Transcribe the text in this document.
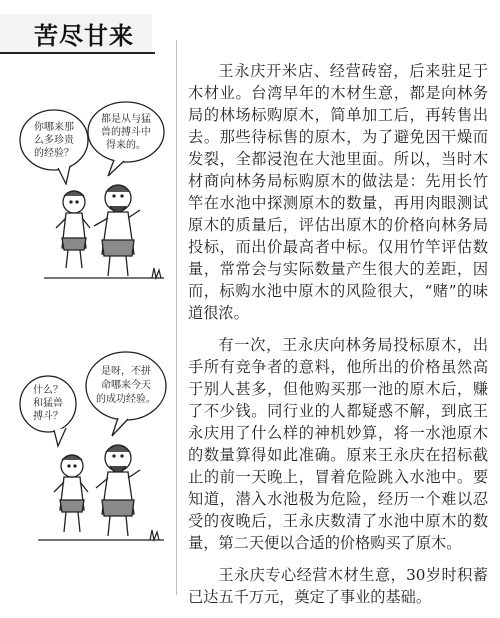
苦尽甘来
你哪来那
么多珍贵
的经验？
都是从与猛
兽的搏斗中
得来的。
什么？
和猛兽
搏斗？
是呀，不拼
命哪来今天
的成功经验。

王永庆开米店、经营砖窑，后来驻足于木材业。台湾早年的木材生意，都是向林务局的林场标购原木，简单加工后，再转售出去。那些待标售的原木，为了避免因干燥而发裂，全都浸泡在大池里面。所以，当时木材商向林务局标购原木的做法是：先用长竹竿在水池中探测原木的数量，再用肉眼测试原木的质量后，评估出原木的价格向林务局投标，而出价最高者中标。仅用竹竿评估数量，常常会与实际数量产生很大的差距，因而，标购水池中原木的风险很大，“赌”的味道很浓。

有一次，王永庆向林务局投标原木，出手所有竞争者的意料，他所出的价格虽然高于别人甚多，但他购买那一池的原木后，赚了不少钱。同行业的人都疑惑不解，到底王永庆用了什么样的神机妙算，将一水池原木的数量算得如此准确。原来王永庆在招标截止的前一天晚上，冒着危险跳入水池中。要知道，潜入水池极为危险，经历一个难以忍受的夜晚后，王永庆数清了水池中原木的数量，第二天便以合适的价格购买了原木。

王永庆专心经营木材生意，30岁时积蓄已达五千万元，奠定了事业的基础。
